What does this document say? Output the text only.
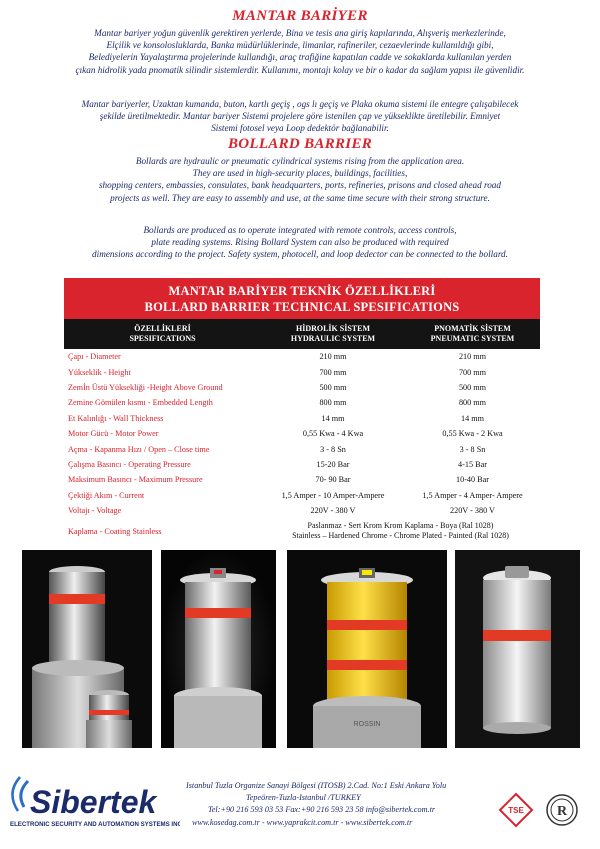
MANTAR BARİYER
Mantar bariyer yoğun güvenlik gerektiren yerlerde, Bina ve tesis ana giriş kapılarında, Alışveriş merkezlerinde,
Elçilik ve konsolosluklarda, Banka müdürlüklerinde, limanlar, rafineriler, cezaevlerinde kullanıldığı gibi,
Belediyelerin Yayalaştırma projelerinde kullandığı, araç trafiğine kapatılan cadde ve sokaklarda kullanılan yerden
çıkan hidrolik yada pnomatik silindir sistemlerdir. Kullanımı, montajı kolay ve bir o kadar da sağlam yapısı ile güvenlidir.
Mantar bariyerler, Uzaktan kumanda, buton, kartlı geçiş , ogs lı geçiş ve Plaka okuma sistemi ile entegre çalışabilecek
şekilde üretilmektedir. Mantar bariyer Sistemi projelere göre istenilen çap ve yükseklikte üretilebilir. Emniyet
Sistemi fotosel veya Loop dedektör bağlanabilir.
BOLLARD BARRIER
Bollards are hydraulic or pneumatic cylindrical systems rising from the application area.
They are used in high-security places, buildings, facilities,
shopping centers, embassies, consulates, bank headquarters, ports, refineries, prisons and closed ahead road
projects as well. They are easy to assembly and use, at the same time secure with their strong structure.
Bollards are produced as to operate integrated with remote controls, access controls,
plate reading systems. Rising Bollard System can also be produced with required
dimensions according to the project. Safety system, photocell, and loop dedector can be connected to the bollard.
MANTAR BARİYER TEKNİK ÖZELLİKLERİ
BOLLARD BARRIER TECHNICAL SPESIFICATIONS
ÖZELLİKLERİ
SPESIFICATIONS
HİDROLİK SİSTEM
HYDRAULIC SYSTEM
PNOMATİK SİSTEM
PNEUMATIC SYSTEM
Çapı - Diameter	210 mm	210 mm
Yükseklik - Height	700 mm	700 mm
Zemİn Üstü Yüksekliği -Height Above Ground	500 mm	500 mm
Zemine Gömülen kısmı - Embedded Length	800 mm	800 mm
Et Kalınlığı - Wall Thickness	14 mm	14 mm
Motor Gücü - Motor Power	0,55 Kwa - 4 Kwa	0,55 Kwa - 2 Kwa
Açma - Kapanma Hızı / Open – Close time	3 - 8 Sn	3 - 8 Sn
Çalışma Basıncı - Operating Pressure	15-20 Bar	4-15 Bar
Maksimum Basıncı - Maximum Pressure	70- 90 Bar	10-40 Bar
Çektiği Akım - Current	1,5 Amper - 10 Amper-Ampere	1,5 Amper - 4 Amper- Ampere
Voltajı - Voltage	220V - 380 V	220V - 380 V
Kaplama - Coating Stainless
Paslanmaz - Sert Krom Krom Kaplama - Boya (Ral 1028)
Stainless – Hardened Chrome - Chrome Plated - Painted (Ral 1028)
ROSSIN
Sibertek
ELECTRONIC SECURITY AND AUTOMATION SYSTEMS INC.
Istanbul Tuzla Organize Sanayi Bölgesi (ITOSB) 2.Cad. No:1 Eski Ankara Yolu
Tepeören-Tuzla-Istanbul /TURKEY
Tel:+90 216 593 03 53 Fax:+90 216 593 23 58 info@sibertek.com.tr
www.kosedag.com.tr - www.yaprakcit.com.tr - www.sibertek.com.tr
TSE R
